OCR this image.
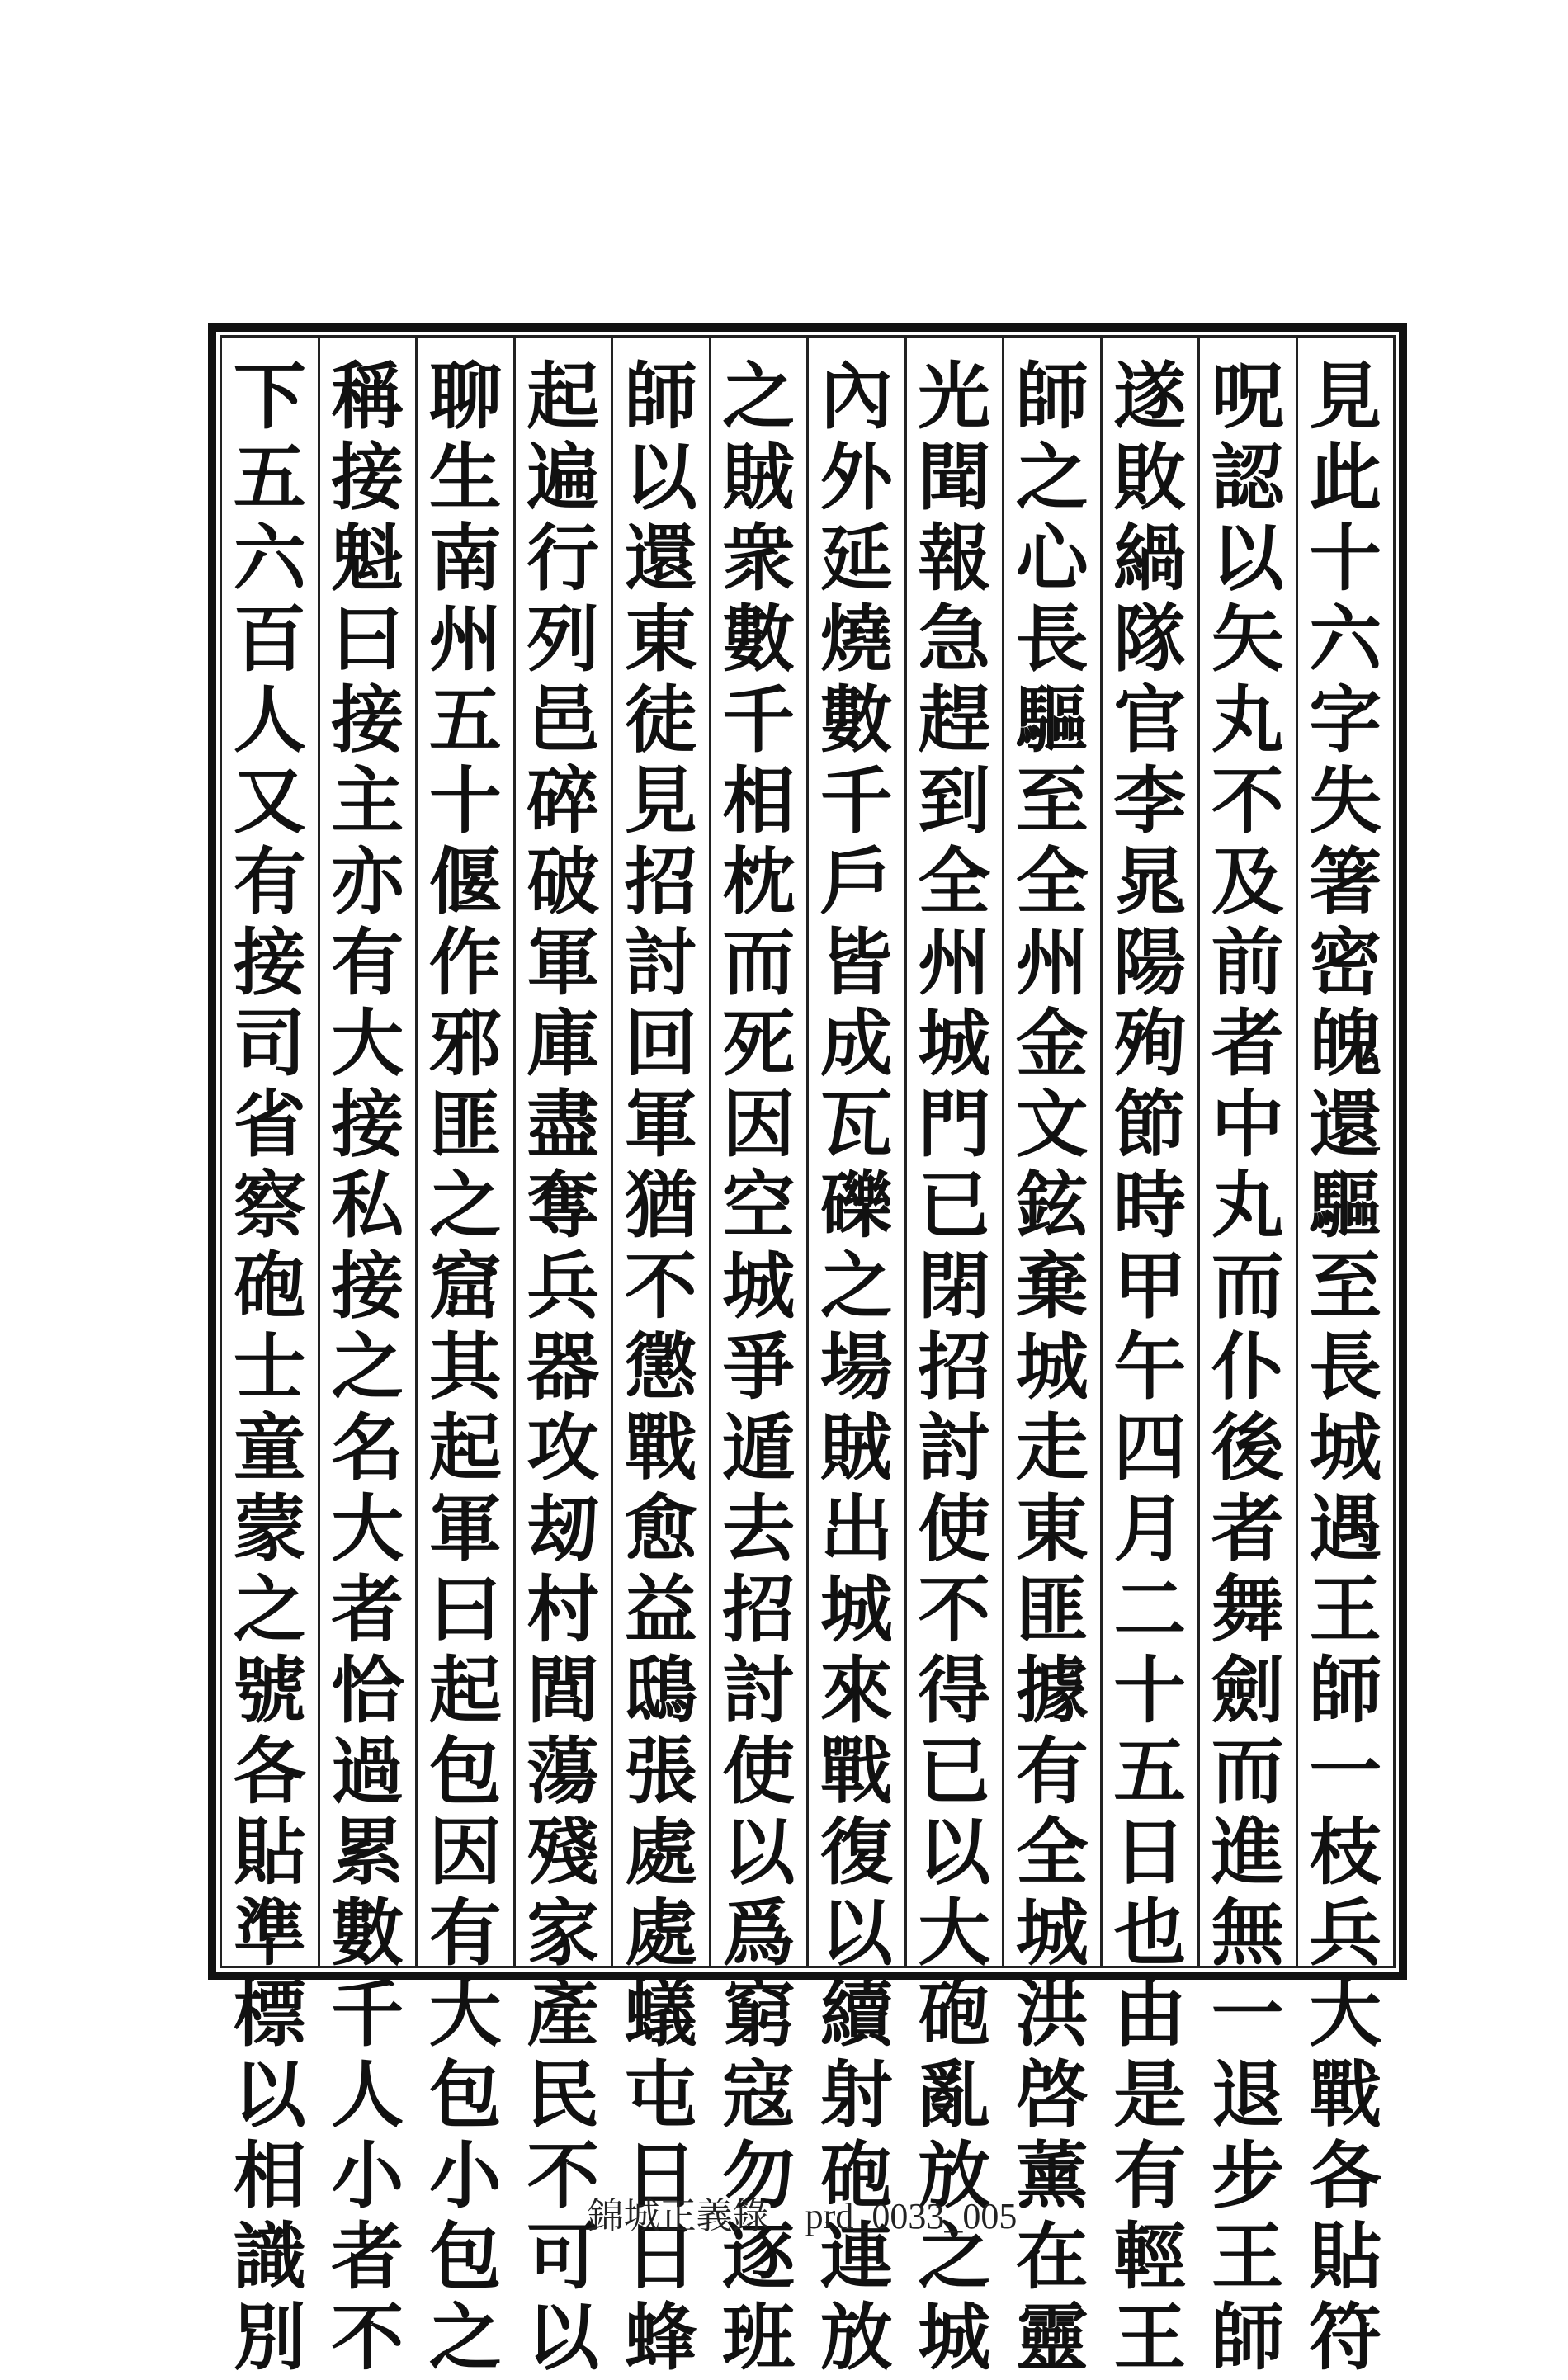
見
此
十
六
字
失
箸
密
魄
還
驅
至
長
城
遇
王
師
一
枝
兵
大
戰
各
貼
符
呪
認
以
矢
丸
不
及
前
者
中
丸
而
仆
後
者
舞
劍
而
進
無
一
退
步
王
師
遂
敗
緺
隊
官
李
晁
陽
殉
節
時
甲
午
四
月
二
十
五
日
也
由
是
有
輕
王
師
之
心
長
驅
至
全
州
金
文
鉉
棄
城
走
東
匪
據
有
全
城
洪
啓
薰
在
靈
光
聞
報
急
趕
到
全
州
城
門
已
閉
招
討
使
不
得
已
以
大
砲
亂
放
之
城
內
外
延
燒
數
千
戶
皆
成
瓦
礫
之
場
賊
出
城
來
戰
復
以
續
射
砲
連
放
之
賊
衆
數
千
相
枕
而
死
因
空
城
爭
遁
去
招
討
使
以
爲
窮
寇
勿
逐
班
師
以
還
東
徒
見
招
討
回
軍
猶
不
懲
戰
愈
益
鴟
張
處
處
蟻
屯
日
日
蜂
起
遍
行
列
邑
碎
破
軍
庫
盡
奪
兵
器
攻
刼
村
閭
蕩
殘
家
產
民
不
可
以
聊
生
南
州
五
十
偃
作
邪
匪
之
窟
其
起
軍
曰
起
包
因
有
大
包
小
包
之
稱
接
魁
曰
接
主
亦
有
大
接
私
接
之
名
大
者
恰
過
累
數
千
人
小
者
不
下
五
六
百
人
又
有
接
司
省
察
砲
士
童
蒙
之
號
各
貼
準
標
以
相
識
別

錦城正義錄 prd_0033_005
